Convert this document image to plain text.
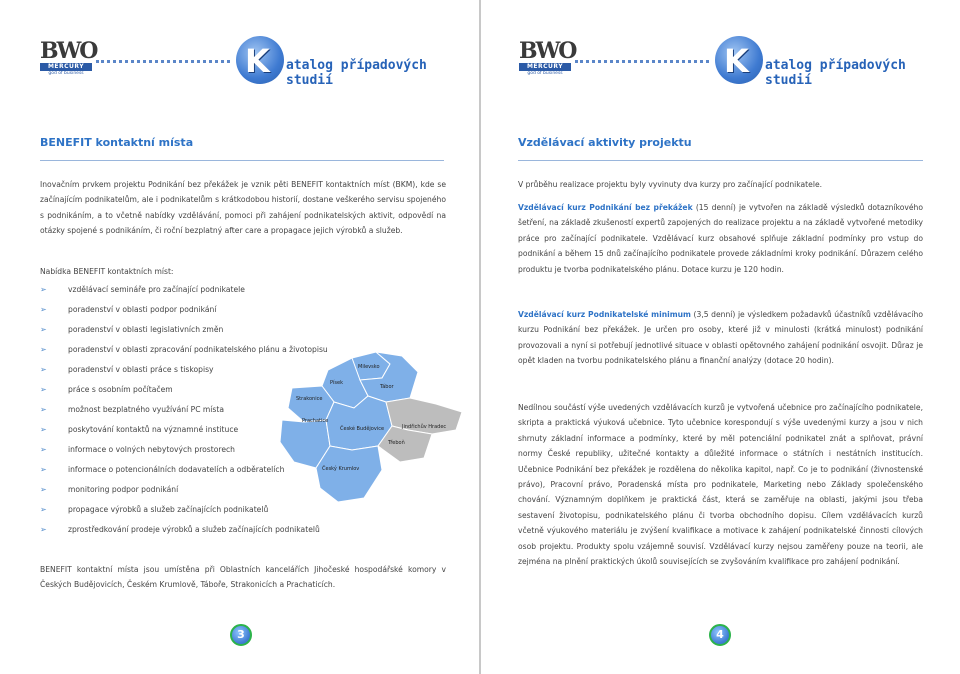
BWO
MERCURY
god of business	K atalog případových studií
BENEFIT kontaktní místa
Inovačním prvkem projektu Podnikání bez překážek je vznik pěti BENEFIT kontaktních míst (BKM), kde se začínajícím podnikatelům, ale i podnikatelům s krátkodobou historií, dostane veškerého servisu spojeného s podnikáním, a to včetně nabídky vzdělávání, pomoci při zahájení podnikatelských aktivit, odpovědí na otázky spojené s podnikáním, či roční bezplatný after care a propagace jejich výrobků a služeb.
Nabídka BENEFIT kontaktních míst:
➢	vzdělávací semináře pro začínající podnikatele
➢	poradenství v oblasti podpor podnikání
➢	poradenství v oblasti legislativních změn
➢	poradenství v oblasti zpracování podnikatelského plánu a životopisu
➢	poradenství v oblasti práce s tiskopisy
➢	práce s osobním počítačem
➢	možnost bezplatného využívání PC místa
➢	poskytování kontaktů na významné instituce
➢	informace o volných nebytových prostorech
➢	informace o potencionálních dodavatelích a odběratelích
➢	monitoring podpor podnikání
➢	propagace výrobků a služeb začínajících podnikatelů
➢	zprostředkování prodeje výrobků a služeb začínajících podnikatelů
Milevsko
Písek
Tábor
Strakonice
Prachatice
České Budějovice	Jindřichův Hradec
Třeboň
Český Krumlov
BENEFIT kontaktní místa jsou umístěna při Oblastních kancelářích Jihočeské hospodářské komory v Českých Budějovicích, Českém Krumlově, Táboře, Strakonicích a Prachaticích.
3
BWO
MERCURY
god of business	K atalog případových studií
Vzdělávací aktivity projektu
V průběhu realizace projektu byly vyvinuty dva kurzy pro začínající podnikatele.
Vzdělávací kurz Podnikání bez překážek (15 denní) je vytvořen na základě výsledků dotazníkového šetření, na základě zkušeností expertů zapojených do realizace projektu a na základě vytvořené metodiky práce pro začínající podnikatele. Vzdělávací kurz obsahové splňuje základní podmínky pro vstup do podnikání a během 15 dnů začínajícího podnikatele provede základními kroky podnikání. Důrazem celého produktu je tvorba podnikatelského plánu. Dotace kurzu je 120 hodin.
Vzdělávací kurz Podnikatelské minimum (3,5 denní) je výsledkem požadavků účastníků vzdělávacího kurzu Podnikání bez překážek. Je určen pro osoby, které již v minulosti (krátká minulost) podnikání provozovali a nyní si potřebují jednotlivé situace v oblasti opětovného zahájení podnikání osvojit. Důraz je opět kladen na tvorbu podnikatelského plánu a finanční analýzy (dotace 20 hodin).
Nedílnou součástí výše uvedených vzdělávacích kurzů je vytvořená učebnice pro začínajícího podnikatele, skripta a praktická výuková učebnice. Tyto učebnice korespondují s výše uvedenými kurzy a jsou v nich shrnuty základní informace a podmínky, které by měl potenciální podnikatel znát a splňovat, právní normy České republiky, užitečné kontakty a důležité informace o státních i nestátních institucích. Učebnice Podnikání bez překážek je rozdělena do několika kapitol, např. Co je to podnikání (živnostenské právo), Pracovní právo, Poradenská místa pro podnikatele, Marketing nebo Základy společenského chování. Významným doplňkem je praktická část, která se zaměřuje na oblasti, jakými jsou třeba sestavení životopisu, podnikatelského plánu či tvorba obchodního dopisu. Cílem vzdělávacích kurzů včetně výukového materiálu je zvýšení kvalifikace a motivace k zahájení podnikatelské činnosti cílových osob projektu. Produkty spolu vzájemně souvisí. Vzdělávací kurzy nejsou zaměřeny pouze na teorii, ale zejména na plnění praktických úkolů souvisejících se zvyšováním kvalifikace pro zahájení podnikání.
4
